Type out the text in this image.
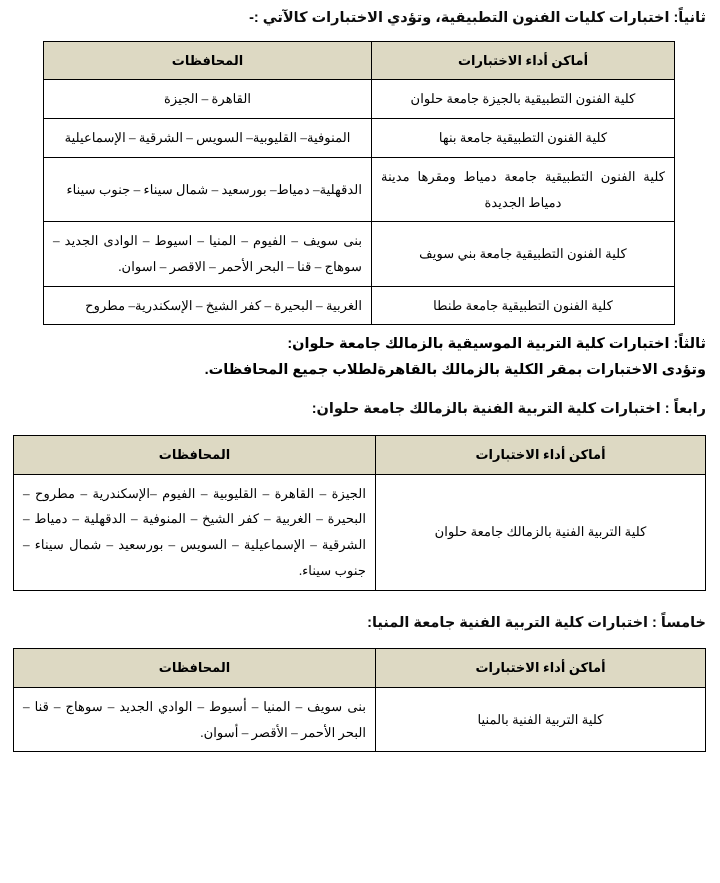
ثانياً: اختبارات كليات الفنون التطبيقية، وتؤدي الاختبارات كالآتي :-
أماكن أداء الاختبارات	المحافظات
كلية الفنون التطبيقية بالجيزة جامعة حلوان	القاهرة – الجيزة
كلية الفنون التطبيقية جامعة بنها	المنوفية– القليوبية– السويس – الشرقية – الإسماعيلية
كلية الفنون التطبيقية جامعة دمياط ومقرها مدينة دمياط الجديدة	الدقهلية– دمياط– بورسعيد – شمال سيناء – جنوب سيناء
كلية الفنون التطبيقية جامعة بني سويف	بنى سويف – الفيوم – المنيا – اسيوط – الوادى الجديد – سوهاج – قنا – البحر الأحمر – الاقصر – اسوان.
كلية الفنون التطبيقية جامعة طنطا	الغربية – البحيرة – كفر الشيخ – الإسكندرية– مطروح
ثالثاً: اختبارات كلية التربية الموسيقية بالزمالك جامعة حلوان:
وتؤدى الاختبارات بمقر الكلية بالزمالك بالقاهرةلطلاب جميع المحافظات.
رابعاً : اختبارات كلية التربية الفنية بالزمالك جامعة حلوان:
أماكن أداء الاختبارات	المحافظات
كلية التربية الفنية بالزمالك جامعة حلوان	الجيزة – القاهرة – القليوبية – الفيوم –الإسكندرية – مطروح – البحيرة – الغربية – كفر الشيخ – المنوفية – الدقهلية – دمياط – الشرقية – الإسماعيلية – السويس – بورسعيد – شمال سيناء – جنوب سيناء.
خامساً : اختبارات كلية التربية الفنية جامعة المنيا:
أماكن أداء الاختبارات	المحافظات
كلية التربية الفنية بالمنيا	بنى سويف – المنيا – أسيوط – الوادي الجديد – سوهاج – قنا – البحر الأحمر – الأقصر – أسوان.
